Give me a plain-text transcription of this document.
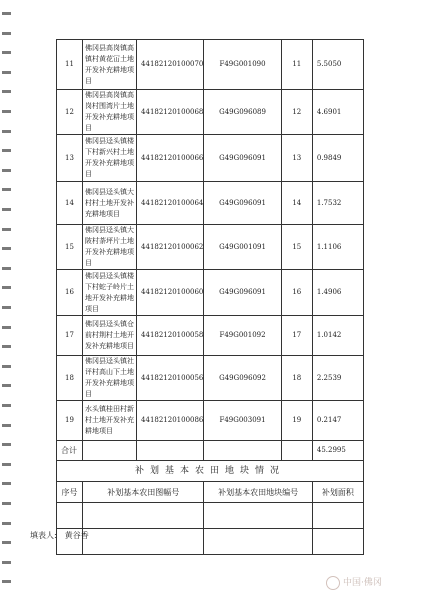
11	佛冈县高岗镇高镇村黄花冚土地开发补充耕地项目	44182120100070	F49G001090	11	5.5050
12	佛冈县高岗镇高岗村围湾片土地开发补充耕地项目	44182120100068	G49G096089	12	4.6901
13	佛冈县迳头镇楼下村新兴村土地开发补充耕地项目	44182120100066	G49G096091	13	0.9849
14	佛冈县迳头镇大村村土地开发补充耕地项目	44182120100064	G49G096091	14	1.7532
15	佛冈县迳头镇大陂村荼坪片土地开发补充耕地项目	44182120100062	G49G001091	15	1.1106
16	佛冈县迳头镇楼下村蛇子岭片土地开发补充耕地项目	44182120100060	G49G096091	16	1.4906
17	佛冈县迳头镇仓前村荆村土地开发补充耕地项目	44182120100058	F49G001092	17	1.0142
18	佛冈县迳头镇社评村高山下土地开发补充耕地项目	44182120100056	G49G096092	18	2.2539
19	水头镇桂田村新村土地开发补充耕地项目	44182120100086	F49G003091	19	0.2147
合计					45.2995
补划基本农田地块情况					
序号	补划基本农田图幅号		补划基本农田地块编号		补划面积

填表人: 黄谷香
中国·佛冈
